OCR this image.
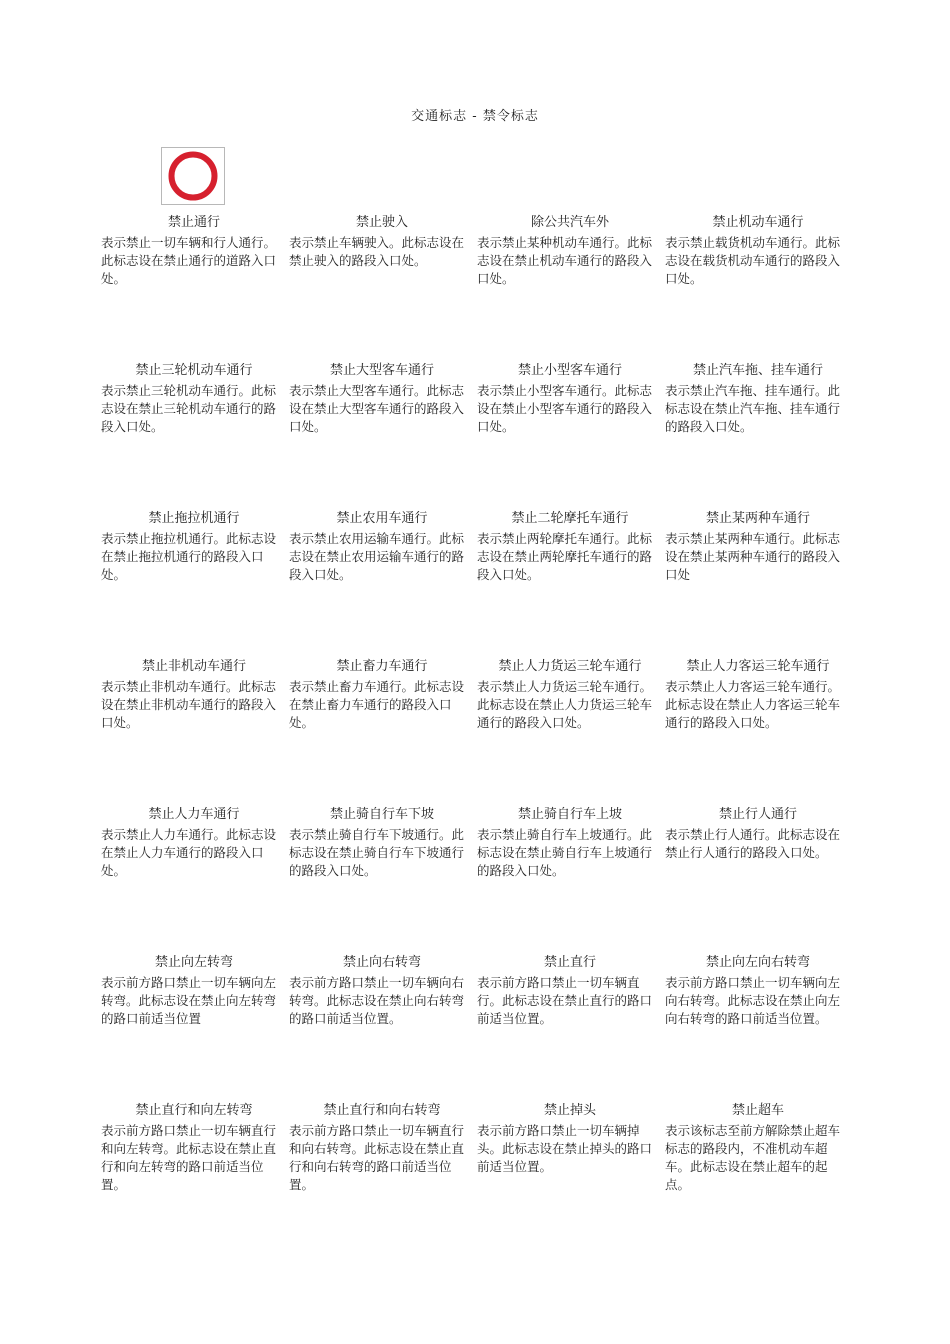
交通标志 - 禁令标志
禁止通行
表示禁止一切车辆和行人通行。此标志设在禁止通行的道路入口处。
禁止驶入
表示禁止车辆驶入。此标志设在禁止驶入的路段入口处。
除公共汽车外
表示禁止某种机动车通行。此标志设在禁止机动车通行的路段入口处。
禁止机动车通行
表示禁止载货机动车通行。此标志设在载货机动车通行的路段入口处。
禁止三轮机动车通行
表示禁止三轮机动车通行。此标志设在禁止三轮机动车通行的路段入口处。
禁止大型客车通行
表示禁止大型客车通行。此标志设在禁止大型客车通行的路段入口处。
禁止小型客车通行
表示禁止小型客车通行。此标志设在禁止小型客车通行的路段入口处。
禁止汽车拖、挂车通行
表示禁止汽车拖、挂车通行。此标志设在禁止汽车拖、挂车通行的路段入口处。
禁止拖拉机通行
表示禁止拖拉机通行。此标志设在禁止拖拉机通行的路段入口处。
禁止农用车通行
表示禁止农用运输车通行。此标志设在禁止农用运输车通行的路段入口处。
禁止二轮摩托车通行
表示禁止两轮摩托车通行。此标志设在禁止两轮摩托车通行的路段入口处。
禁止某两种车通行
表示禁止某两种车通行。此标志设在禁止某两种车通行的路段入口处
禁止非机动车通行
表示禁止非机动车通行。此标志设在禁止非机动车通行的路段入口处。
禁止畜力车通行
表示禁止畜力车通行。此标志设在禁止畜力车通行的路段入口处。
禁止人力货运三轮车通行
表示禁止人力货运三轮车通行。此标志设在禁止人力货运三轮车通行的路段入口处。
禁止人力客运三轮车通行
表示禁止人力客运三轮车通行。此标志设在禁止人力客运三轮车通行的路段入口处。
禁止人力车通行
表示禁止人力车通行。此标志设在禁止人力车通行的路段入口处。
禁止骑自行车下坡
表示禁止骑自行车下坡通行。此标志设在禁止骑自行车下坡通行的路段入口处。
禁止骑自行车上坡
表示禁止骑自行车上坡通行。此标志设在禁止骑自行车上坡通行的路段入口处。
禁止行人通行
表示禁止行人通行。此标志设在禁止行人通行的路段入口处。
禁止向左转弯
表示前方路口禁止一切车辆向左转弯。此标志设在禁止向左转弯的路口前适当位置
禁止向右转弯
表示前方路口禁止一切车辆向右转弯。此标志设在禁止向右转弯的路口前适当位置。
禁止直行
表示前方路口禁止一切车辆直行。此标志设在禁止直行的路口前适当位置。
禁止向左向右转弯
表示前方路口禁止一切车辆向左向右转弯。此标志设在禁止向左向右转弯的路口前适当位置。
禁止直行和向左转弯
表示前方路口禁止一切车辆直行和向左转弯。此标志设在禁止直行和向左转弯的路口前适当位置。
禁止直行和向右转弯
表示前方路口禁止一切车辆直行和向右转弯。此标志设在禁止直行和向右转弯的路口前适当位置。
禁止掉头
表示前方路口禁止一切车辆掉头。此标志设在禁止掉头的路口前适当位置。
禁止超车
表示该标志至前方解除禁止超车标志的路段内，不准机动车超车。此标志设在禁止超车的起点。
